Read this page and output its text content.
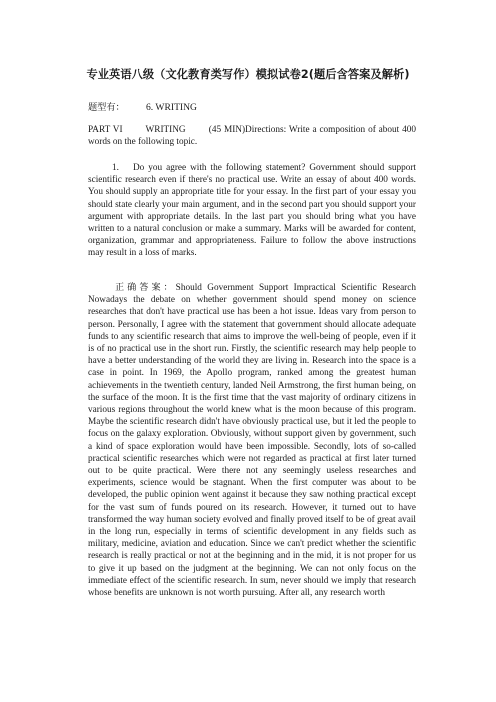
专业英语八级（文化教育类写作）模拟试卷2(题后含答案及解析)
题型有： 6. WRITING
PART VI        WRITING        (45 MIN)Directions: Write a composition of about 400 words on the following topic.
1. Do you agree with the following statement? Government should support scientific research even if there's no practical use. Write an essay of about 400 words. You should supply an appropriate title for your essay. In the first part of your essay you should state clearly your main argument, and in the second part you should support your argument with appropriate details. In the last part you should bring what you have written to a natural conclusion or make a summary. Marks will be awarded for content, organization, grammar and appropriateness. Failure to follow the above instructions may result in a loss of marks.
正确答案：Should Government Support Impractical Scientific Research Nowadays the debate on whether government should spend money on science researches that don't have practical use has been a hot issue. Ideas vary from person to person. Personally, I agree with the statement that government should allocate adequate funds to any scientific research that aims to improve the well-being of people, even if it is of no practical use in the short run. Firstly, the scientific research may help people to have a better understanding of the world they are living in. Research into the space is a case in point. In 1969, the Apollo program, ranked among the greatest human achievements in the twentieth century, landed Neil Armstrong, the first human being, on the surface of the moon. It is the first time that the vast majority of ordinary citizens in various regions throughout the world knew what is the moon because of this program. Maybe the scientific research didn't have obviously practical use, but it led the people to focus on the galaxy exploration. Obviously, without support given by government, such a kind of space exploration would have been impossible. Secondly, lots of so-called practical scientific researches which were not regarded as practical at first later turned out to be quite practical. Were there not any seemingly useless researches and experiments, science would be stagnant. When the first computer was about to be developed, the public opinion went against it because they saw nothing practical except for the vast sum of funds poured on its research. However, it turned out to have transformed the way human society evolved and finally proved itself to be of great avail in the long run, especially in terms of scientific development in any fields such as military, medicine, aviation and education. Since we can't predict whether the scientific research is really practical or not at the beginning and in the mid, it is not proper for us to give it up based on the judgment at the beginning. We can not only focus on the immediate effect of the scientific research. In sum, never should we imply that research whose benefits are unknown is not worth pursuing. After all, any research worth
